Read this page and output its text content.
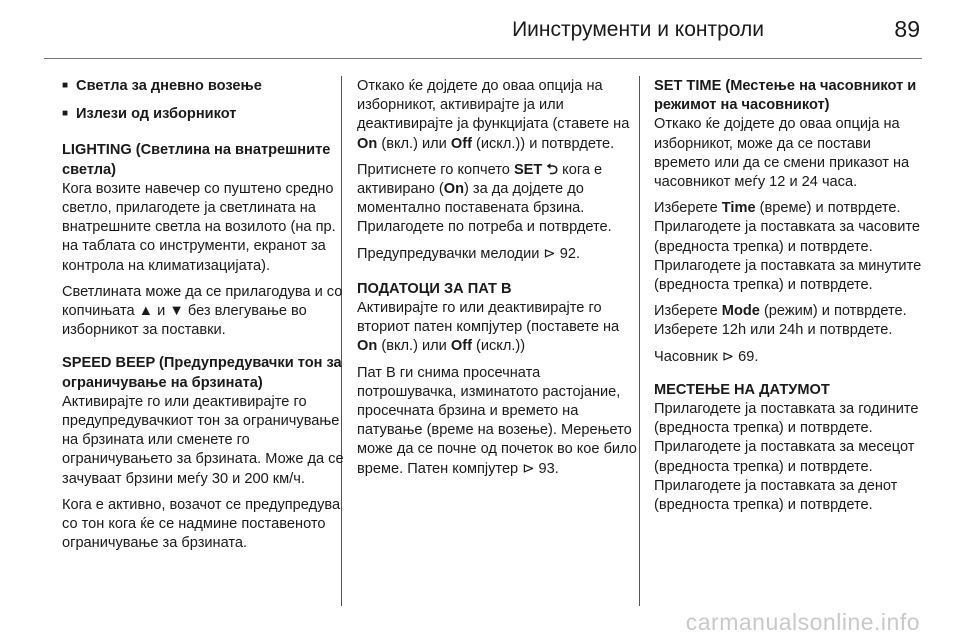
Иинструменти и контроли	89

■ Светла за дневно возење

■ Излези од изборникот

LIGHTING (Светлина на внатрешните светла)

Кога возите навечер со пуштено средно светло, прилагодете ја светлината на внатрешните светла на возилото (на пр. на таблата со инструменти, екранот за контрола на климатизацијата).

Светлината може да се прилагодува и со копчињата ▲ и ▼ без влегување во изборникот за поставки.

SPEED BEEP (Предупредувачки тон за ограничување на брзината)

Активирајте го или деактивирајте го предупредувачкиот тон за ограничување на брзината или сменете го ограничувањето за брзината. Може да се зачуваат брзини меѓу 30 и 200 км/ч.

Кога е активно, возачот се предупредува со тон кога ќе се надмине поставеното ограничување за брзината.

Откако ќе дојдете до оваа опција на изборникот, активирајте ја или деактивирајте ја функцијата (ставете на On (вкл.) или Off (искл.)) и потврдете.

Притиснете го копчето SET ⮌ кога е активирано (On) за да дојдете до моментално поставената брзина. Прилагодете по потреба и потврдете.

Предупредувачки мелодии ⊳ 92.

ПОДАТОЦИ ЗА ПАТ B

Активирајте го или деактивирајте го вториот патен компјутер (поставете на On (вкл.) или Off (искл.))

Пат B ги снима просечната потрошувачка, изминатото растојание, просечната брзина и времето на патување (време на возење). Мерењето може да се почне од почеток во кое било време. Патен компјутер ⊳ 93.

SET TIME (Местење на часовникот и режимот на часовникот)

Откако ќе дојдете до оваа опција на изборникот, може да се постави времето или да се смени приказот на часовникот меѓу 12 и 24 часа.

Изберете Time (време) и потврдете. Прилагодете ја поставката за часовите (вредноста трепка) и потврдете. Прилагодете ја поставката за минутите (вредноста трепка) и потврдете.

Изберете Mode (режим) и потврдете. Изберете 12h или 24h и потврдете.

Часовник ⊳ 69.

МЕСТЕЊЕ НА ДАТУМОТ

Прилагодете ја поставката за годините (вредноста трепка) и потврдете. Прилагодете ја поставката за месецот (вредноста трепка) и потврдете. Прилагодете ја поставката за денот (вредноста трепка) и потврдете.

carmanualsonline.info
